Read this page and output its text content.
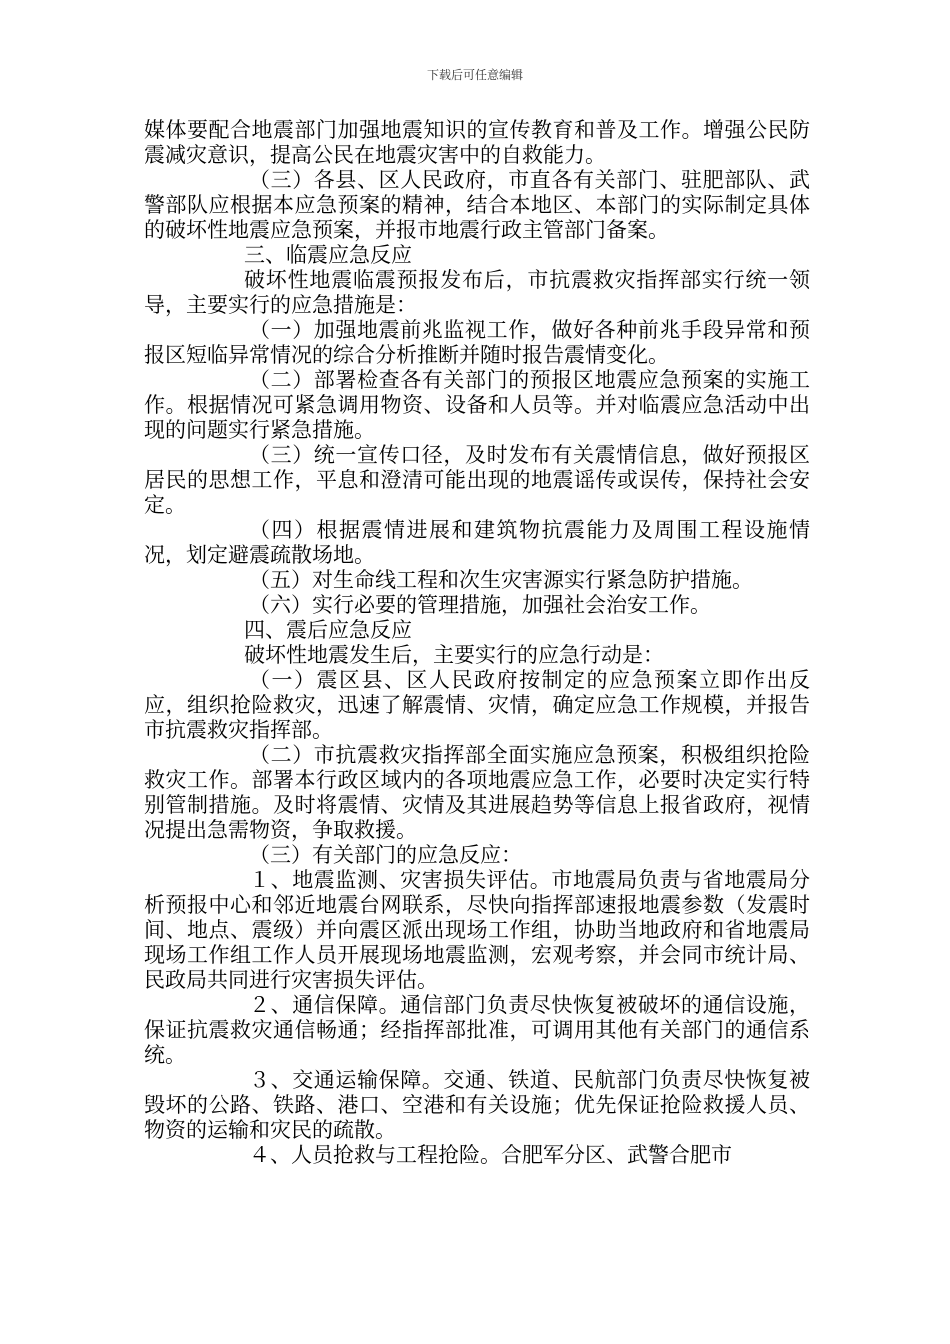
下载后可任意编辑

媒体要配合地震部门加强地震知识的宣传教育和普及工作。增强公民防震减灾意识，提高公民在地震灾害中的自救能力。

（三）各县、区人民政府，市直各有关部门、驻肥部队、武警部队应根据本应急预案的精神，结合本地区、本部门的实际制定具体的破坏性地震应急预案，并报市地震行政主管部门备案。

三、临震应急反应

破坏性地震临震预报发布后，市抗震救灾指挥部实行统一领导，主要实行的应急措施是：

（一）加强地震前兆监视工作，做好各种前兆手段异常和预报区短临异常情况的综合分析推断并随时报告震情变化。

（二）部署检查各有关部门的预报区地震应急预案的实施工作。根据情况可紧急调用物资、设备和人员等。并对临震应急活动中出现的问题实行紧急措施。

（三）统一宣传口径，及时发布有关震情信息，做好预报区居民的思想工作，平息和澄清可能出现的地震谣传或误传，保持社会安定。

（四）根据震情进展和建筑物抗震能力及周围工程设施情况，划定避震疏散场地。

（五）对生命线工程和次生灾害源实行紧急防护措施。

（六）实行必要的管理措施，加强社会治安工作。

四、震后应急反应

破坏性地震发生后，主要实行的应急行动是：

（一）震区县、区人民政府按制定的应急预案立即作出反应，组织抢险救灾，迅速了解震情、灾情，确定应急工作规模，并报告市抗震救灾指挥部。

（二）市抗震救灾指挥部全面实施应急预案，积极组织抢险救灾工作。部署本行政区域内的各项地震应急工作，必要时决定实行特别管制措施。及时将震情、灾情及其进展趋势等信息上报省政府，视情况提出急需物资，争取救援。

（三）有关部门的应急反应：

１、地震监测、灾害损失评估。市地震局负责与省地震局分析预报中心和邻近地震台网联系，尽快向指挥部速报地震参数（发震时间、地点、震级）并向震区派出现场工作组，协助当地政府和省地震局现场工作组工作人员开展现场地震监测，宏观考察，并会同市统计局、民政局共同进行灾害损失评估。

２、通信保障。通信部门负责尽快恢复被破坏的通信设施，保证抗震救灾通信畅通；经指挥部批准，可调用其他有关部门的通信系统。

３、交通运输保障。交通、铁道、民航部门负责尽快恢复被毁坏的公路、铁路、港口、空港和有关设施；优先保证抢险救援人员、物资的运输和灾民的疏散。

４、人员抢救与工程抢险。合肥军分区、武警合肥市
